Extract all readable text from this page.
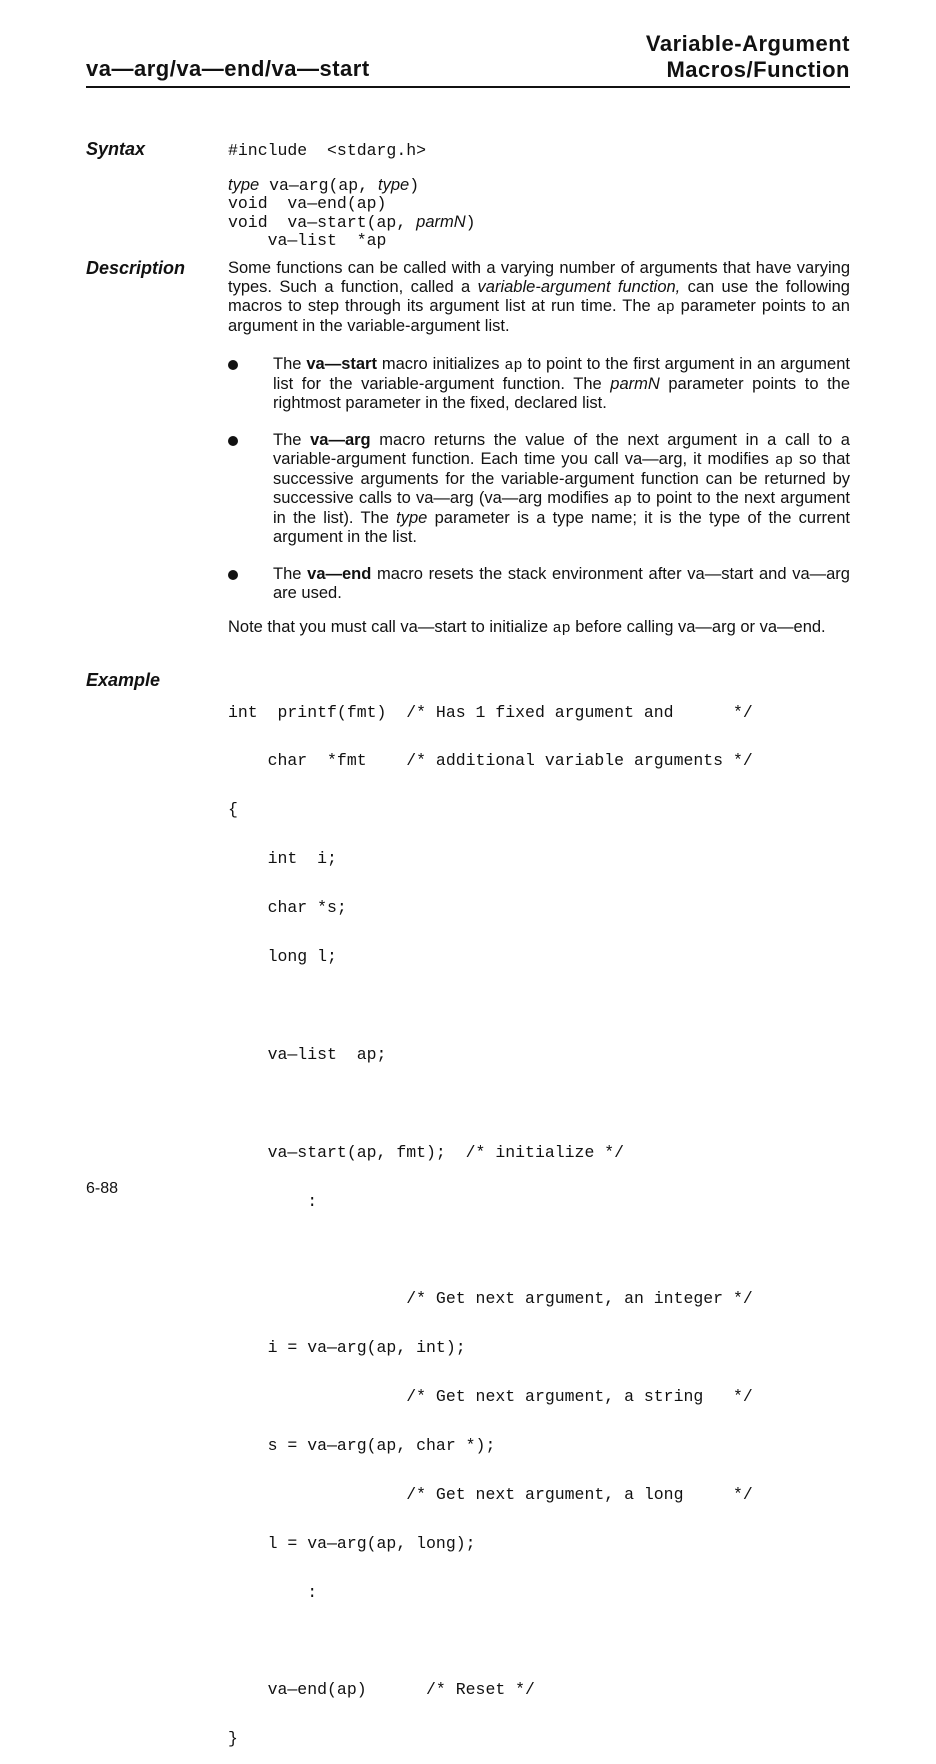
va—arg/va—end/va—start
Variable-Argument
Macros/Function
Syntax
Description
Example
#include  <stdarg.h>
type va—arg(ap, type)
void  va—end(ap)
void  va—start(ap, parmN)
va—list  *ap
Some functions can be called with a varying number of arguments that have varying types. Such a function, called a variable-argument function, can use the following macros to step through its argument list at run time. The ap parameter points to an argument in the variable-argument list.
The va—start macro initializes ap to point to the first argument in an argument list for the variable-argument function. The parmN parameter points to the rightmost parameter in the fixed, declared list.
The va—arg macro returns the value of the next argument in a call to a variable-argument function. Each time you call va—arg, it modifies ap so that successive arguments for the variable-argument function can be returned by successive calls to va—arg (va—arg modifies ap to point to the next argument in the list). The type parameter is a type name; it is the type of the current argument in the list.
The va—end macro resets the stack environment after va—start and va—arg are used.
Note that you must call va—start to initialize ap before calling va—arg or va—end.

int  printf(fmt)  /* Has 1 fixed argument and      */

char  *fmt    /* additional variable arguments */

{

int  i;

char *s;

long l;

va—list  ap;

va—start(ap, fmt);  /* initialize */

:

/* Get next argument, an integer */

i = va—arg(ap, int);

/* Get next argument, a string   */

s = va—arg(ap, char *);

/* Get next argument, a long     */

l = va—arg(ap, long);

:

va—end(ap)      /* Reset */

}

6-88
